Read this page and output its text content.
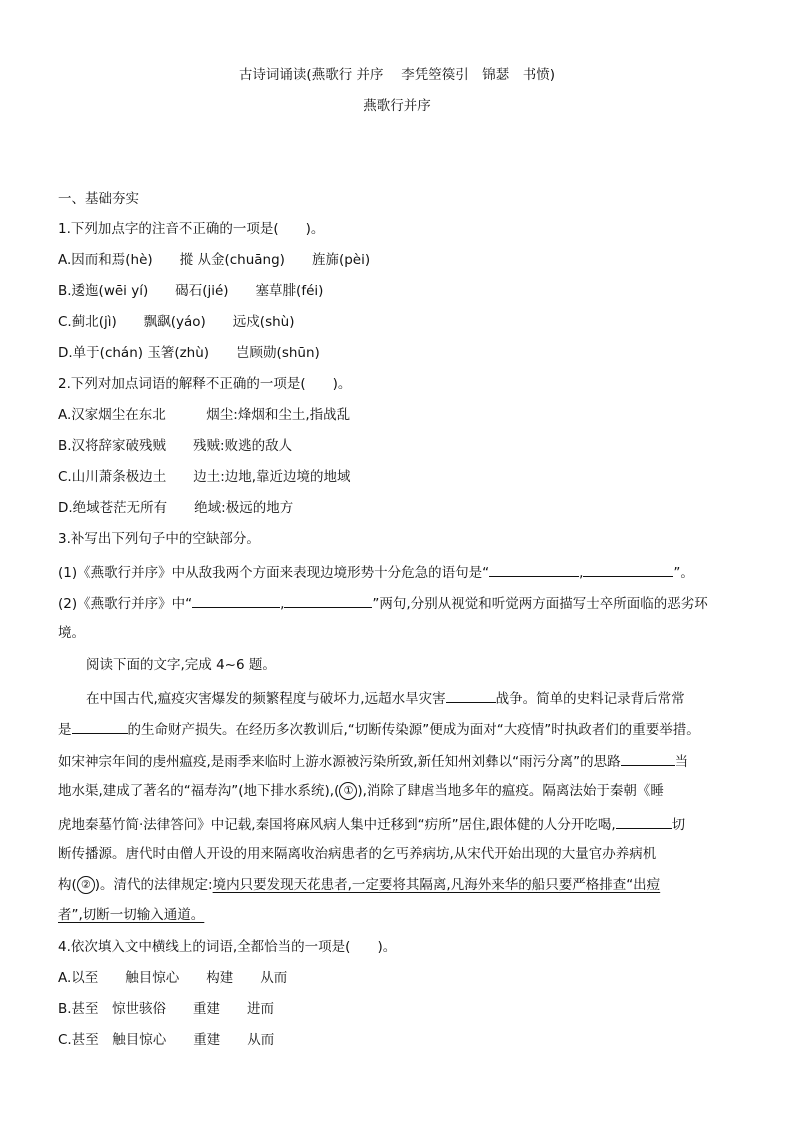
古诗词诵读(燕歌行 并序　 李凭箜篌引　锦瑟　书愤)
燕歌行并序
一、基础夯实
1.下列加点字的注音不正确的一项是(　　)。
A.因而和焉(hè)　　摐 从金(chuāng)　　旌旆(pèi)
B.逶迤(wēi yí)　　碣石(jié)　　塞草腓(féi)
C.蓟北(jì)　　飘飖(yáo)　　远戍(shù)
D.单于(chán) 玉箸(zhù)　　岂顾勋(shūn)
2.下列对加点词语的解释不正确的一项是(　　)。
A.汉家烟尘在东北　　　烟尘:烽烟和尘土,指战乱
B.汉将辞家破残贼　　残贼:败逃的敌人
C.山川萧条极边土　　边土:边地,靠近边境的地域
D.绝域苍茫无所有　　绝域:极远的地方
3.补写出下列句子中的空缺部分。
(1)《燕歌行并序》中从敌我两个方面来表现边境形势十分危急的语句是“	,	”。
(2)《燕歌行并序》中“	,	”两句,分别从视觉和听觉两方面描写士卒所面临的恶劣环
境。
阅读下面的文字,完成 4~6 题。
在中国古代,瘟疫灾害爆发的频繁程度与破坏力,远超水旱灾害	战争。简单的史料记录背后常常
是	的生命财产损失。在经历多次教训后,“切断传染源”便成为面对“大疫情”时执政者们的重要举措。
如宋神宗年间的虔州瘟疫,是雨季来临时上游水源被污染所致,新任知州刘彝以“雨污分离”的思路	当
地水渠,建成了著名的“福寿沟”(地下排水系统),( ① ),消除了肆虐当地多年的瘟疫。隔离法始于秦朝《睡
虎地秦墓竹简·法律答问》中记载,秦国将麻风病人集中迁移到“疠所”居住,跟体健的人分开吃喝,	切
断传播源。唐代时由僧人开设的用来隔离收治病患者的乞丐养病坊,从宋代开始出现的大量官办养病机
构( ② )。清代的法律规定:境内只要发现天花患者,一定要将其隔离,凡海外来华的船只要严格排查“出痘
者”,切断一切输入通道。
4.依次填入文中横线上的词语,全都恰当的一项是(　　)。
A.以至　　触目惊心　　构建　　从而
B.甚至　惊世骇俗　　重建　　进而
C.甚至　触目惊心　　重建　　从而
